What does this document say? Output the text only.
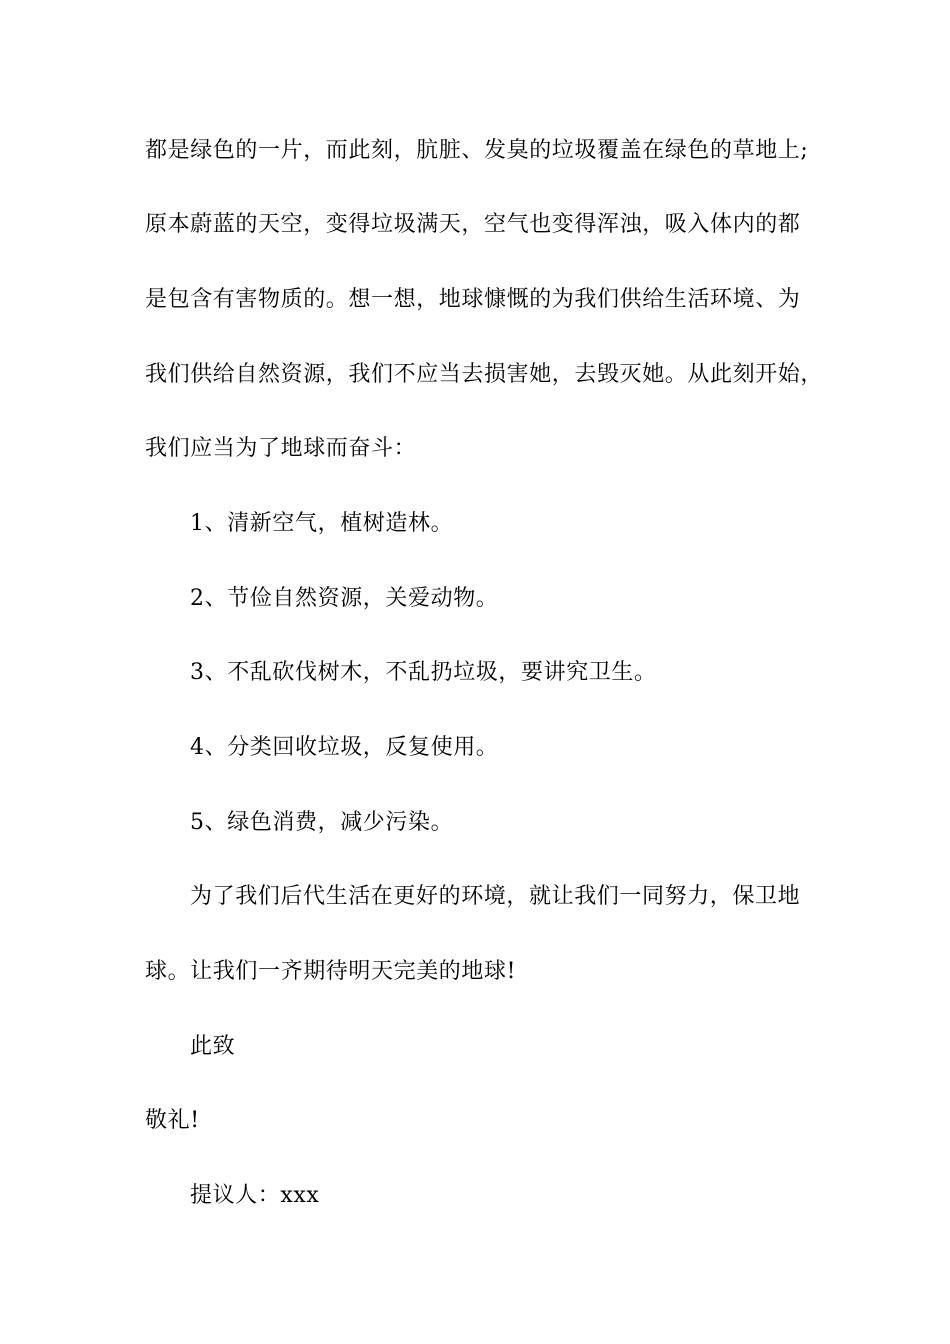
都是绿色的一片，而此刻，肮脏、发臭的垃圾覆盖在绿色的草地上;
原本蔚蓝的天空，变得垃圾满天，空气也变得浑浊，吸入体内的都
是包含有害物质的。想一想，地球慷慨的为我们供给生活环境、为
我们供给自然资源，我们不应当去损害她，去毁灭她。从此刻开始，
我们应当为了地球而奋斗：
1、清新空气，植树造林。
2、节俭自然资源，关爱动物。
3、不乱砍伐树木，不乱扔垃圾，要讲究卫生。
4、分类回收垃圾，反复使用。
5、绿色消费，减少污染。
为了我们后代生活在更好的环境，就让我们一同努力，保卫地
球。让我们一齐期待明天完美的地球!
此致
敬礼!
提议人：xxx
